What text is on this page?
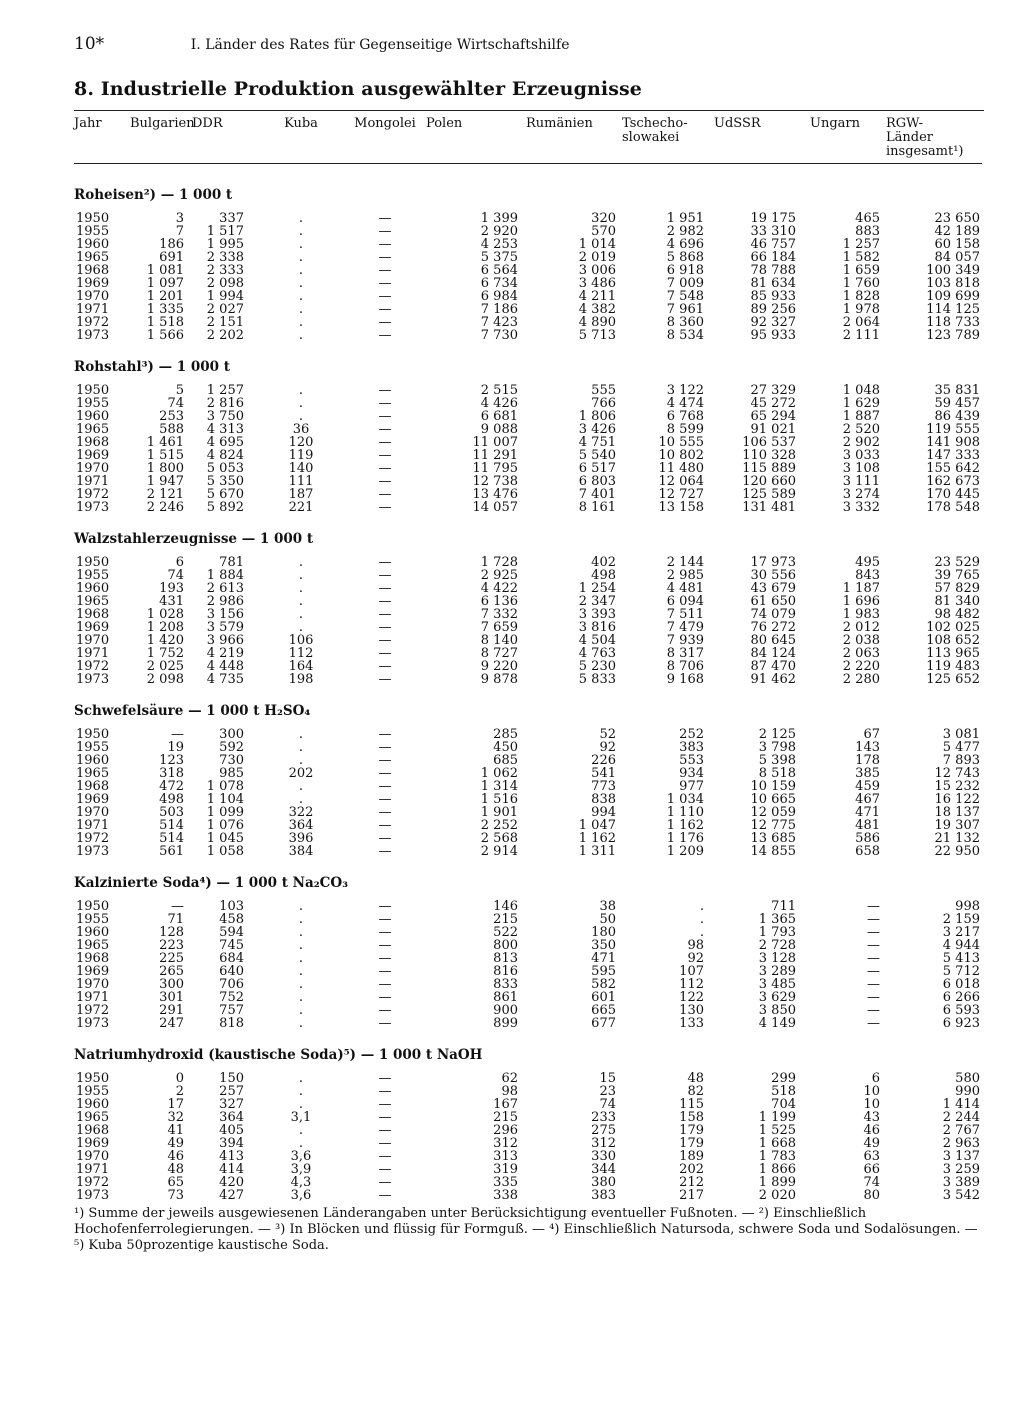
10*	I. Länder des Rates für Gegenseitige Wirtschaftshilfe
8. Industrielle Produktion ausgewählter Erzeugnisse
Jahr	Bulgarien	DDR	Kuba	Mongolei	Polen	Rumänien	Tschecho-
slowakei	UdSSR	Ungarn	RGW-
Länder
insgesamt¹)

Roheisen²) — 1 000 t										
1950	3	337	.	—	1 399	320	1 951	19 175	465	23 650
1955	7	1 517	.	—	2 920	570	2 982	33 310	883	42 189
1960	186	1 995	.	—	4 253	1 014	4 696	46 757	1 257	60 158
1965	691	2 338	.	—	5 375	2 019	5 868	66 184	1 582	84 057
1968	1 081	2 333	.	—	6 564	3 006	6 918	78 788	1 659	100 349
1969	1 097	2 098	.	—	6 734	3 486	7 009	81 634	1 760	103 818
1970	1 201	1 994	.	—	6 984	4 211	7 548	85 933	1 828	109 699
1971	1 335	2 027	.	—	7 186	4 382	7 961	89 256	1 978	114 125
1972	1 518	2 151	.	—	7 423	4 890	8 360	92 327	2 064	118 733
1973	1 566	2 202	.	—	7 730	5 713	8 534	95 933	2 111	123 789
Rohstahl³) — 1 000 t										
1950	5	1 257	.	—	2 515	555	3 122	27 329	1 048	35 831
1955	74	2 816	.	—	4 426	766	4 474	45 272	1 629	59 457
1960	253	3 750	.	—	6 681	1 806	6 768	65 294	1 887	86 439
1965	588	4 313	36	—	9 088	3 426	8 599	91 021	2 520	119 555
1968	1 461	4 695	120	—	11 007	4 751	10 555	106 537	2 902	141 908
1969	1 515	4 824	119	—	11 291	5 540	10 802	110 328	3 033	147 333
1970	1 800	5 053	140	—	11 795	6 517	11 480	115 889	3 108	155 642
1971	1 947	5 350	111	—	12 738	6 803	12 064	120 660	3 111	162 673
1972	2 121	5 670	187	—	13 476	7 401	12 727	125 589	3 274	170 445
1973	2 246	5 892	221	—	14 057	8 161	13 158	131 481	3 332	178 548
Walzstahlerzeugnisse — 1 000 t										
1950	6	781	.	—	1 728	402	2 144	17 973	495	23 529
1955	74	1 884	.	—	2 925	498	2 985	30 556	843	39 765
1960	193	2 613	.	—	4 422	1 254	4 481	43 679	1 187	57 829
1965	431	2 986	.	—	6 136	2 347	6 094	61 650	1 696	81 340
1968	1 028	3 156	.	—	7 332	3 393	7 511	74 079	1 983	98 482
1969	1 208	3 579	.	—	7 659	3 816	7 479	76 272	2 012	102 025
1970	1 420	3 966	106	—	8 140	4 504	7 939	80 645	2 038	108 652
1971	1 752	4 219	112	—	8 727	4 763	8 317	84 124	2 063	113 965
1972	2 025	4 448	164	—	9 220	5 230	8 706	87 470	2 220	119 483
1973	2 098	4 735	198	—	9 878	5 833	9 168	91 462	2 280	125 652
Schwefelsäure — 1 000 t H₂SO₄										
1950	—	300	.	—	285	52	252	2 125	67	3 081
1955	19	592	.	—	450	92	383	3 798	143	5 477
1960	123	730	.	—	685	226	553	5 398	178	7 893
1965	318	985	202	—	1 062	541	934	8 518	385	12 743
1968	472	1 078	.	—	1 314	773	977	10 159	459	15 232
1969	498	1 104	.	—	1 516	838	1 034	10 665	467	16 122
1970	503	1 099	322	—	1 901	994	1 110	12 059	471	18 137
1971	514	1 076	364	—	2 252	1 047	1 162	12 775	481	19 307
1972	514	1 045	396	—	2 568	1 162	1 176	13 685	586	21 132
1973	561	1 058	384	—	2 914	1 311	1 209	14 855	658	22 950
Kalzinierte Soda⁴) — 1 000 t Na₂CO₃										
1950	—	103	.	—	146	38	.	711	—	998
1955	71	458	.	—	215	50	.	1 365	—	2 159
1960	128	594	.	—	522	180	.	1 793	—	3 217
1965	223	745	.	—	800	350	98	2 728	—	4 944
1968	225	684	.	—	813	471	92	3 128	—	5 413
1969	265	640	.	—	816	595	107	3 289	—	5 712
1970	300	706	.	—	833	582	112	3 485	—	6 018
1971	301	752	.	—	861	601	122	3 629	—	6 266
1972	291	757	.	—	900	665	130	3 850	—	6 593
1973	247	818	.	—	899	677	133	4 149	—	6 923
Natriumhydroxid (kaustische Soda)⁵) — 1 000 t NaOH										
1950	0	150	.	—	62	15	48	299	6	580
1955	2	257	.	—	98	23	82	518	10	990
1960	17	327	.	—	167	74	115	704	10	1 414
1965	32	364	3,1	—	215	233	158	1 199	43	2 244
1968	41	405	.	—	296	275	179	1 525	46	2 767
1969	49	394	.	—	312	312	179	1 668	49	2 963
1970	46	413	3,6	—	313	330	189	1 783	63	3 137
1971	48	414	3,9	—	319	344	202	1 866	66	3 259
1972	65	420	4,3	—	335	380	212	1 899	74	3 389
1973	73	427	3,6	—	338	383	217	2 020	80	3 542
¹) Summe der jeweils ausgewiesenen Länderangaben unter Berücksichtigung eventueller Fußnoten. — ²) Einschließlich Hochofenferrolegierungen. — ³) In Blöcken und flüssig für Formguß. — ⁴) Einschließlich Natursoda, schwere Soda und Sodalösungen. — ⁵) Kuba 50prozentige kaustische Soda.
